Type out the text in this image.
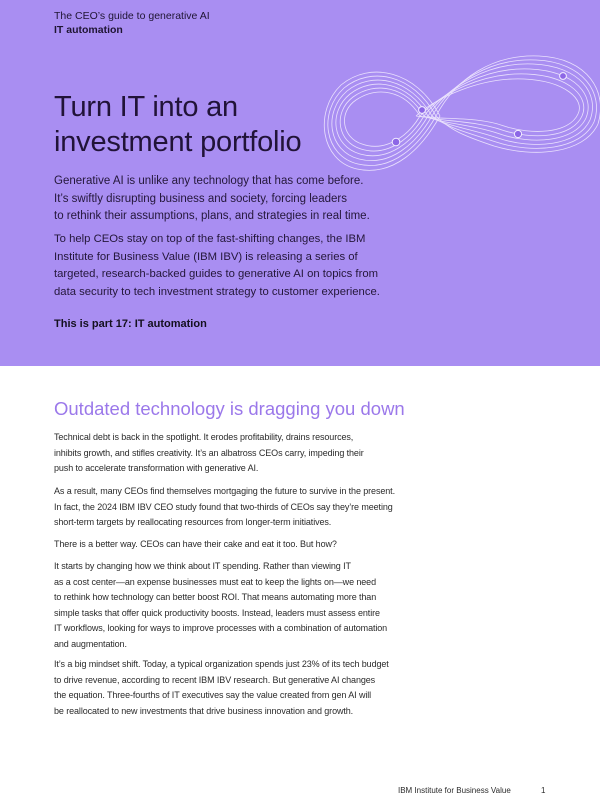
The CEO’s guide to generative AI
IT automation
Turn IT into an
investment portfolio
Generative AI is unlike any technology that has come before.
It’s swiftly disrupting business and society, forcing leaders
to rethink their assumptions, plans, and strategies in real time.
To help CEOs stay on top of the fast-shifting changes, the IBM
Institute for Business Value (IBM IBV) is releasing a series of
targeted, research-backed guides to generative AI on topics from
data security to tech investment strategy to customer experience.
This is part 17: IT automation
Outdated technology is dragging you down

Technical debt is back in the spotlight. It erodes profitability, drains resources,
inhibits growth, and stifles creativity. It’s an albatross CEOs carry, impeding their
push to accelerate transformation with generative AI.

As a result, many CEOs find themselves mortgaging the future to survive in the present.
In fact, the 2024 IBM IBV CEO study found that two-thirds of CEOs say they’re meeting
short-term targets by reallocating resources from longer-term initiatives.

There is a better way. CEOs can have their cake and eat it too. But how?

It starts by changing how we think about IT spending. Rather than viewing IT
as a cost center—an expense businesses must eat to keep the lights on—we need
to rethink how technology can better boost ROI. That means automating more than
simple tasks that offer quick productivity boosts. Instead, leaders must assess entire
IT workflows, looking for ways to improve processes with a combination of automation
and augmentation.

It’s a big mindset shift. Today, a typical organization spends just 23% of its tech budget
to drive revenue, according to recent IBM IBV research. But generative AI changes
the equation. Three-fourths of IT executives say the value created from gen AI will
be reallocated to new investments that drive business innovation and growth.

IBM Institute for Business Value	1
